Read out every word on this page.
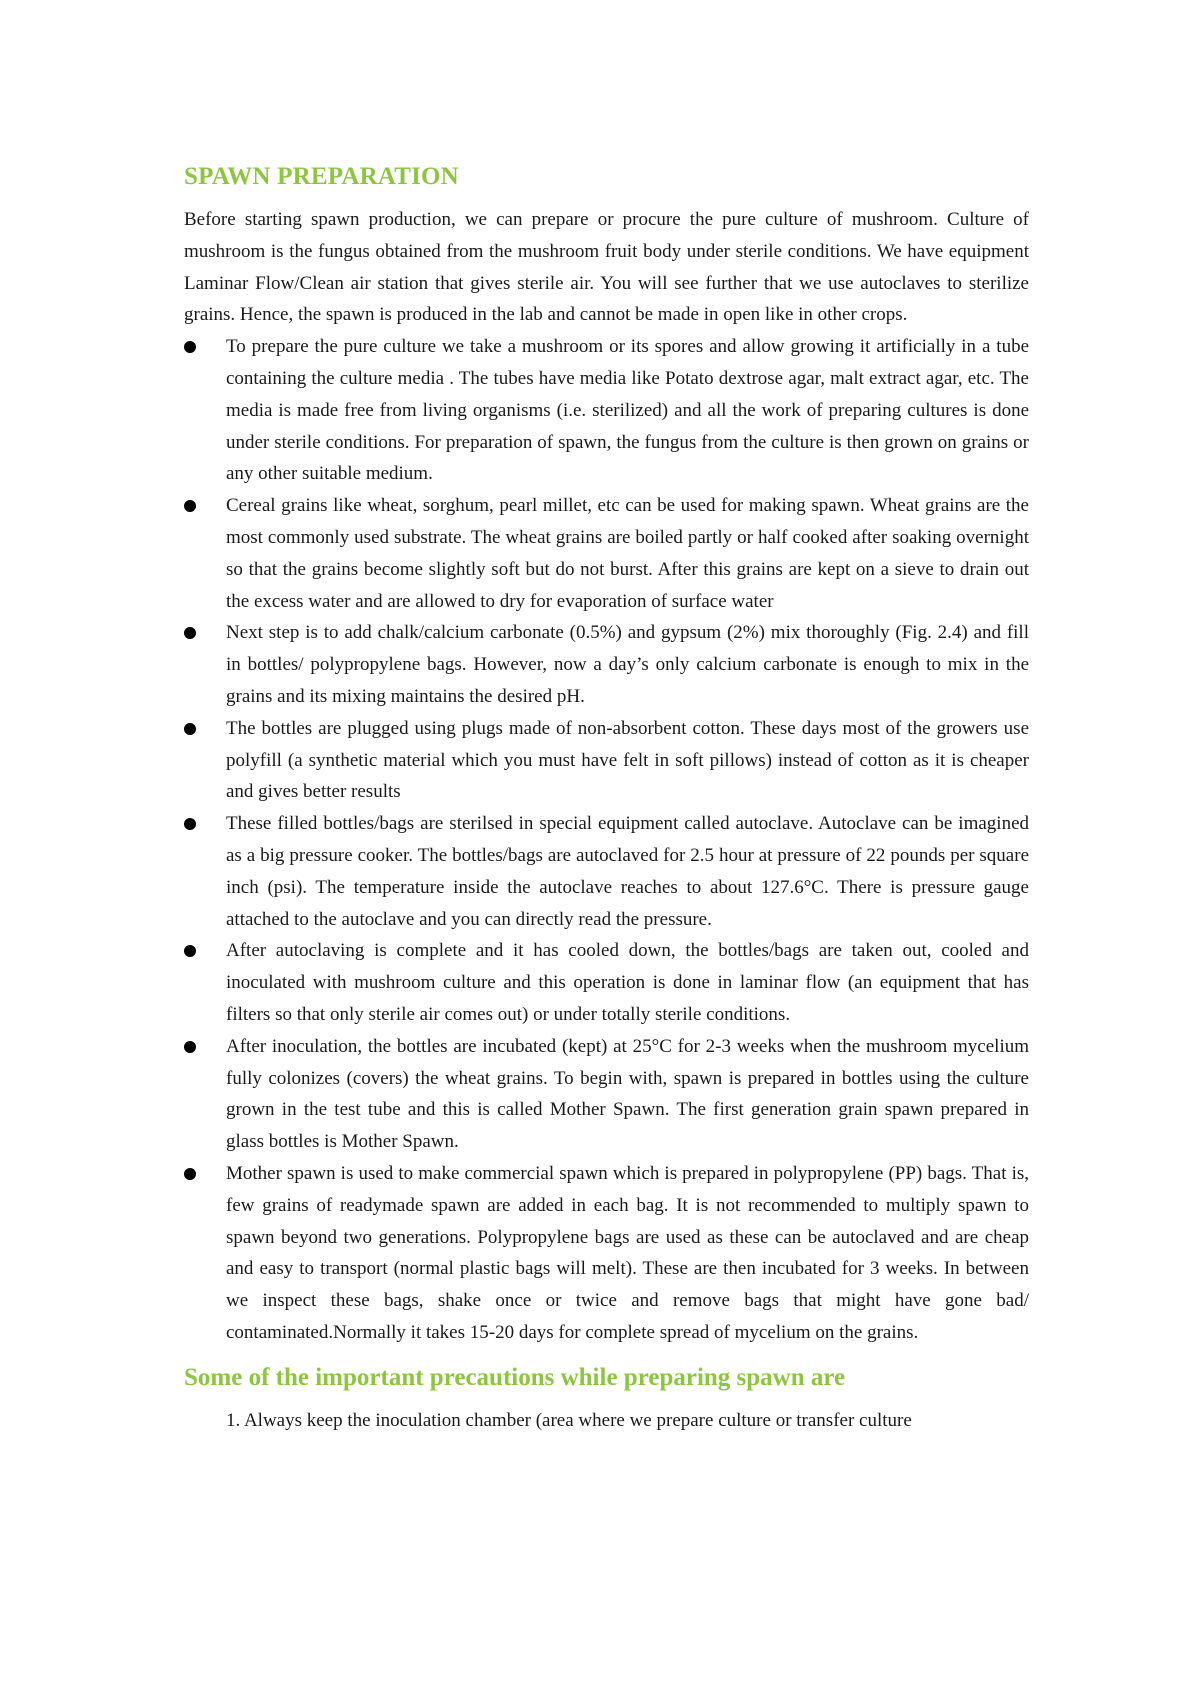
SPAWN PREPARATION

Before starting spawn production, we can prepare or procure the pure culture of mushroom. Culture of mushroom is the fungus obtained from the mushroom fruit body under sterile conditions. We have equipment Laminar Flow/Clean air station that gives sterile air. You will see further that we use autoclaves to sterilize grains. Hence, the spawn is produced in the lab and cannot be made in open like in other crops.

To prepare the pure culture we take a mushroom or its spores and allow growing it artificially in a tube containing the culture media . The tubes have media like Potato dextrose agar, malt extract agar, etc. The media is made free from living organisms (i.e. sterilized) and all the work of preparing cultures is done under sterile conditions. For preparation of spawn, the fungus from the culture is then grown on grains or any other suitable medium.
Cereal grains like wheat, sorghum, pearl millet, etc can be used for making spawn. Wheat grains are the most commonly used substrate. The wheat grains are boiled partly or half cooked after soaking overnight so that the grains become slightly soft but do not burst. After this grains are kept on a sieve to drain out the excess water and are allowed to dry for evaporation of surface water
Next step is to add chalk/calcium carbonate (0.5%) and gypsum (2%) mix thoroughly (Fig. 2.4) and fill in bottles/ polypropylene bags. However, now a day’s only calcium carbonate is enough to mix in the grains and its mixing maintains the desired pH.
The bottles are plugged using plugs made of non-absorbent cotton. These days most of the growers use polyfill (a synthetic material which you must have felt in soft pillows) instead of cotton as it is cheaper and gives better results
These filled bottles/bags are sterilsed in special equipment called autoclave. Autoclave can be imagined as a big pressure cooker. The bottles/bags are autoclaved for 2.5 hour at pressure of 22 pounds per square inch (psi). The temperature inside the autoclave reaches to about 127.6°C. There is pressure gauge attached to the autoclave and you can directly read the pressure.
After autoclaving is complete and it has cooled down, the bottles/bags are taken out, cooled and inoculated with mushroom culture and this operation is done in laminar flow (an equipment that has filters so that only sterile air comes out) or under totally sterile conditions.
After inoculation, the bottles are incubated (kept) at 25°C for 2-3 weeks when the mushroom mycelium fully colonizes (covers) the wheat grains. To begin with, spawn is prepared in bottles using the culture grown in the test tube and this is called Mother Spawn. The first generation grain spawn prepared in glass bottles is Mother Spawn.
Mother spawn is used to make commercial spawn which is prepared in polypropylene (PP) bags. That is, few grains of readymade spawn are added in each bag. It is not recommended to multiply spawn to spawn beyond two generations. Polypropylene bags are used as these can be autoclaved and are cheap and easy to transport (normal plastic bags will melt). These are then incubated for 3 weeks. In between we inspect these bags, shake once or twice and remove bags that might have gone bad/ contaminated.Normally it takes 15-20 days for complete spread of mycelium on the grains.
Some of the important precautions while preparing spawn are
1. Always keep the inoculation chamber (area where we prepare culture or transfer culture
